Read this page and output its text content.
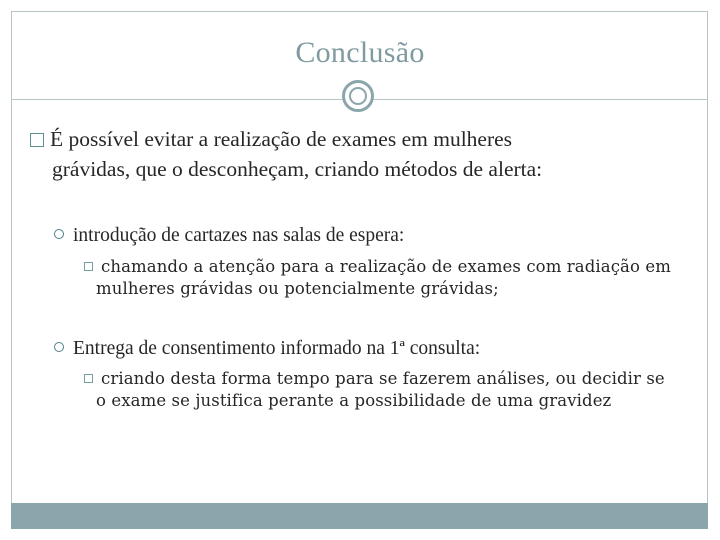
Conclusão
É possível evitar a realização de exames em mulheres
grávidas, que o desconheçam, criando métodos de alerta:
introdução de cartazes nas salas de espera:
chamando a atenção para a realização de exames com radiação em
mulheres grávidas ou potencialmente grávidas;
Entrega de consentimento informado na 1ª consulta:
criando desta forma tempo para se fazerem análises, ou decidir se
o exame se justifica perante a possibilidade de uma gravidez
